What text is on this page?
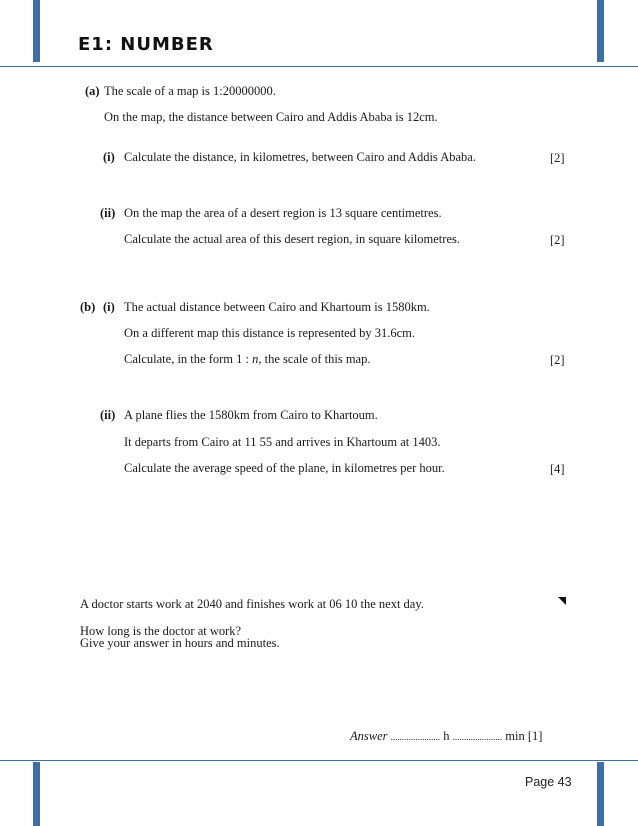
E1: NUMBER
(a) The scale of a map is 1:20000000.
On the map, the distance between Cairo and Addis Ababa is 12cm.
(i) Calculate the distance, in kilometres, between Cairo and Addis Ababa.	[2]
(ii) On the map the area of a desert region is 13 square centimetres.
Calculate the actual area of this desert region, in square kilometres.	[2]
(b) (i) The actual distance between Cairo and Khartoum is 1580km.
On a different map this distance is represented by 31.6cm.
Calculate, in the form 1 : n, the scale of this map.	[2]
(ii) A plane flies the 1580km from Cairo to Khartoum.
It departs from Cairo at 11 55 and arrives in Khartoum at 1403.
Calculate the average speed of the plane, in kilometres per hour.	[4]
A doctor starts work at 2040 and finishes work at 06 10 the next day.
How long is the doctor at work?
Give your answer in hours and minutes.
Answer ...................... h ...................... min [1]
Page 43
